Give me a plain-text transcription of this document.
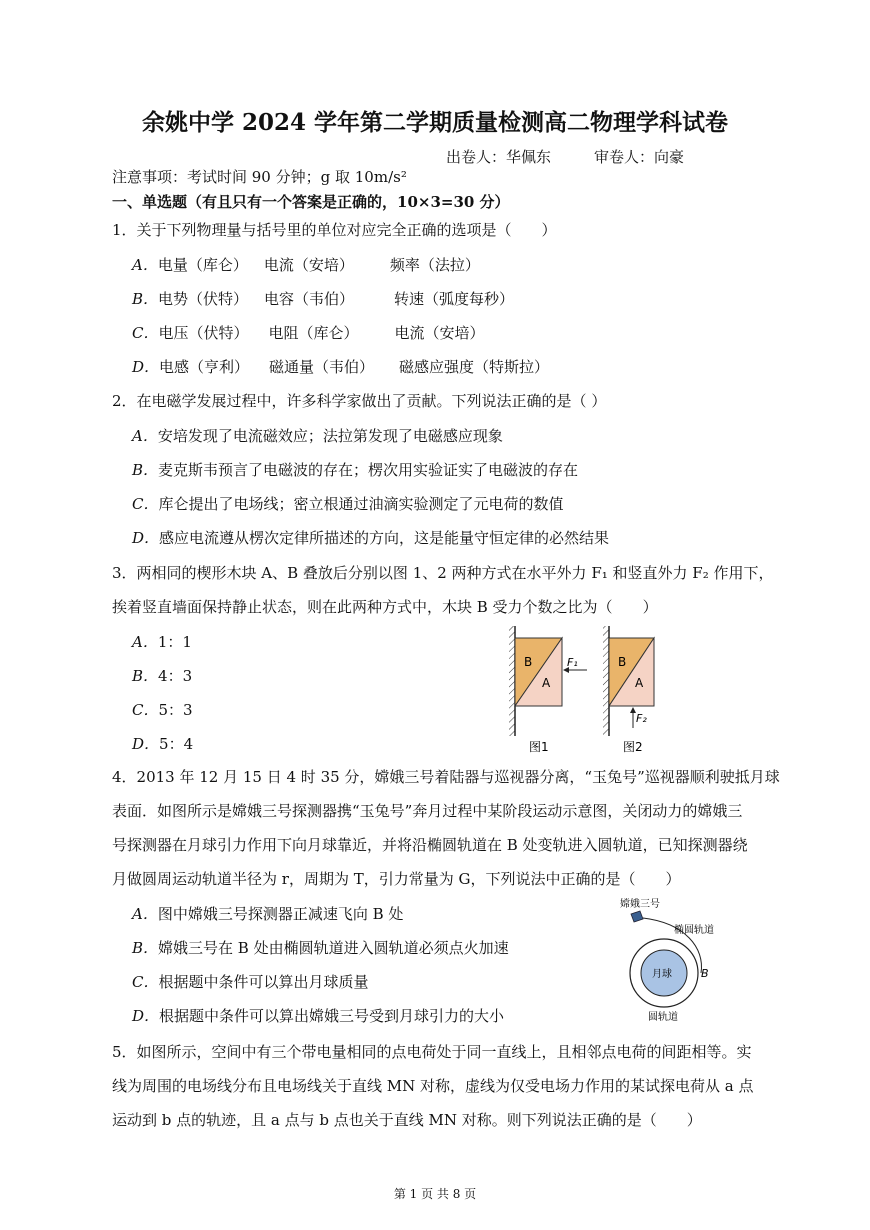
余姚中学 2024 学年第二学期质量检测高二物理学科试卷
出卷人：华佩东	审卷人：向豪
注意事项：考试时间 90 分钟；g 取 10m/s²
一、单选题（有且只有一个答案是正确的，10×3=30 分）
1．关于下列物理量与括号里的单位对应完全正确的选项是（　　）
A．电量（库仑） 电流（安培） 频率（法拉）
B．电势（伏特） 电容（韦伯）	转速（弧度每秒）
C．电压（伏特） 电阻（库仑） 电流（安培）
D．电感（亨利） 磁通量（韦伯） 磁感应强度（特斯拉）
2．在电磁学发展过程中，许多科学家做出了贡献。下列说法正确的是（ ）
A．安培发现了电流磁效应；法拉第发现了电磁感应现象
B．麦克斯韦预言了电磁波的存在；楞次用实验证实了电磁波的存在
C．库仑提出了电场线；密立根通过油滴实验测定了元电荷的数值
D．感应电流遵从楞次定律所描述的方向，这是能量守恒定律的必然结果
3．两相同的楔形木块 A、B 叠放后分别以图 1、2 两种方式在水平外力 F₁ 和竖直外力 F₂ 作用下，
挨着竖直墙面保持静止状态，则在此两种方式中，木块 B 受力个数之比为（　　）
A．1：1
B．4：3
C．5：3
D．5：4
B
A
F₁
图1
B
A
F₂
图2
4．2013 年 12 月 15 日 4 时 35 分，嫦娥三号着陆器与巡视器分离，“玉兔号”巡视器顺利驶抵月球
表面．如图所示是嫦娥三号探测器携“玉兔号”奔月过程中某阶段运动示意图，关闭动力的嫦娥三
号探测器在月球引力作用下向月球靠近，并将沿椭圆轨道在 B 处变轨进入圆轨道，已知探测器绕
月做圆周运动轨道半径为 r，周期为 T，引力常量为 G，下列说法中正确的是（　　）
A．图中嫦娥三号探测器正减速飞向 B 处
B．嫦娥三号在 B 处由椭圆轨道进入圆轨道必须点火加速
C．根据题中条件可以算出月球质量
D．根据题中条件可以算出嫦娥三号受到月球引力的大小
嫦娥三号
椭圆轨道
月球	B
圆轨道
5．如图所示，空间中有三个带电量相同的点电荷处于同一直线上，且相邻点电荷的间距相等。实
线为周围的电场线分布且电场线关于直线 MN 对称，虚线为仅受电场力作用的某试探电荷从 a 点
运动到 b 点的轨迹，且 a 点与 b 点也关于直线 MN 对称。则下列说法正确的是（　　）
第 1 页 共 8 页
